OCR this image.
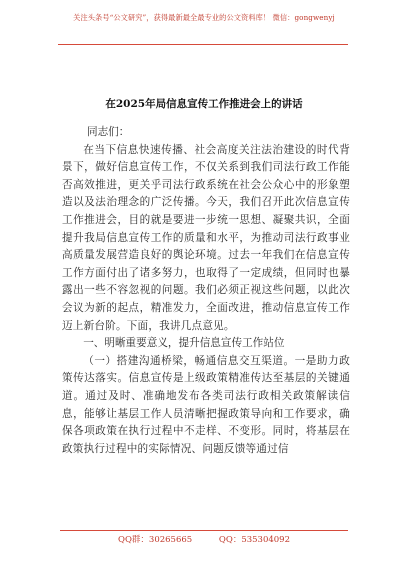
关注头条号“公文研究”，获得最新最全最专业的公文资料库！ 微信：gongwenyj
在2025年局信息宣传工作推进会上的讲话

同志们：

在当下信息快速传播、社会高度关注法治建设的时代背景下，做好信息宣传工作，不仅关系到我们司法行政工作能否高效推进，更关乎司法行政系统在社会公众心中的形象塑造以及法治理念的广泛传播。今天，我们召开此次信息宣传工作推进会，目的就是要进一步统一思想、凝聚共识，全面提升我局信息宣传工作的质量和水平，为推动司法行政事业高质量发展营造良好的舆论环境。过去一年我们在信息宣传工作方面付出了诸多努力，也取得了一定成绩，但同时也暴露出一些不容忽视的问题。我们必须正视这些问题，以此次会议为新的起点，精准发力，全面改进，推动信息宣传工作迈上新台阶。下面，我讲几点意见。

一、明晰重要意义，提升信息宣传工作站位

（一）搭建沟通桥梁，畅通信息交互渠道。一是助力政策传达落实。信息宣传是上级政策精准传达至基层的关键通道。通过及时、准确地发布各类司法行政相关政策解读信息，能够让基层工作人员清晰把握政策导向和工作要求，确保各项政策在执行过程中不走样、不变形。同时，将基层在政策执行过程中的实际情况、问题反馈等通过信

QQ群：30265665	QQ：535304092
